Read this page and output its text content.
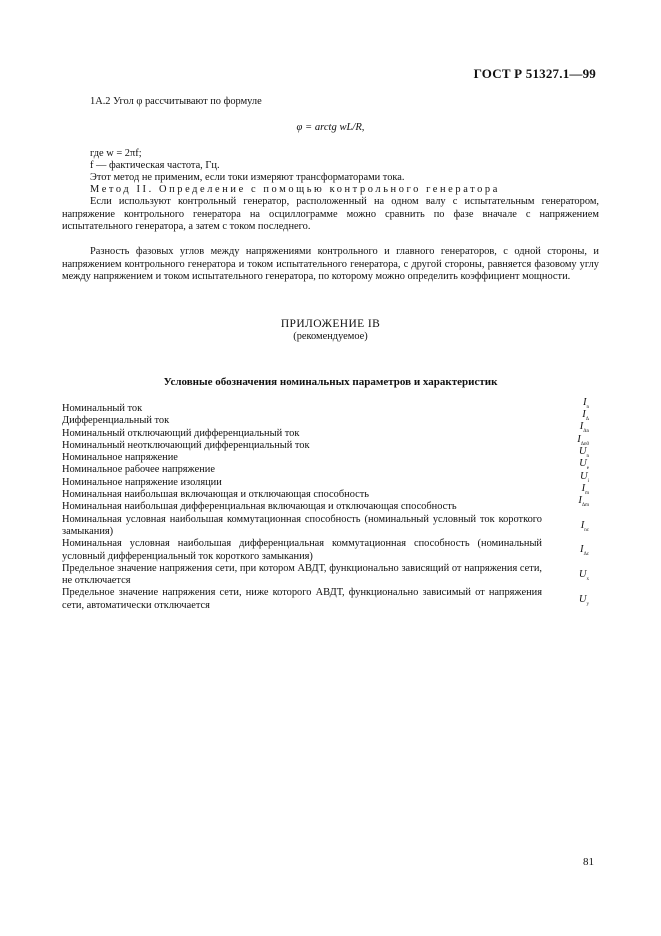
ГОСТ Р 51327.1—99
1А.2 Угол φ рассчитывают по формуле
φ = arctg wL/R,
где w = 2πf;
f — фактическая частота, Гц.
Этот метод не применим, если токи измеряют трансформаторами тока.
Метод II. Определение с помощью контрольного генератора
Если используют контрольный генератор, расположенный на одном валу с испытательным генератором, напряжение контрольного генератора на осциллограмме можно сравнить по фазе вначале с напряжением испытательного генератора, а затем с током последнего.
Разность фазовых углов между напряжениями контрольного и главного генераторов, с одной стороны, и напряжением контрольного генератора и током испытательного генератора, с другой стороны, равняется фазовому углу между напряжением и током испытательного генератора, по которому можно определить коэффициент мощности.
ПРИЛОЖЕНИЕ IВ
(рекомендуемое)
Условные обозначения номинальных параметров и характеристик
Номинальный ток
$I_n$
Дифференциальный ток
$I_\Delta$
Номинальный отключающий дифференциальный ток
$I_{\Delta n}$
Номинальный неотключающий дифференциальный ток
$I_{\Delta n0}$
Номинальное напряжение
$U_n$
Номинальное рабочее напряжение
$U_e$
Номинальное напряжение изоляции
$U_i$
Номинальная наибольшая включающая и отключающая способность
$I_m$
Номинальная наибольшая дифференциальная включающая и отключающая способность
$I_{\Delta m}$
Номинальная условная наибольшая коммутационная способность (номинальный условный ток короткого замыкания)
$I_{nc}$
Номинальная условная наибольшая дифференциальная коммутационная способность (номинальный условный дифференциальный ток короткого замыкания)
$I_{\Delta c}$
Предельное значение напряжения сети, при котором АВДТ, функционально зависящий от напряжения сети, не отключается
$U_x$
Предельное значение напряжения сети, ниже которого АВДТ, функционально зависимый от напряжения сети, автоматически отключается
$U_y$
81
